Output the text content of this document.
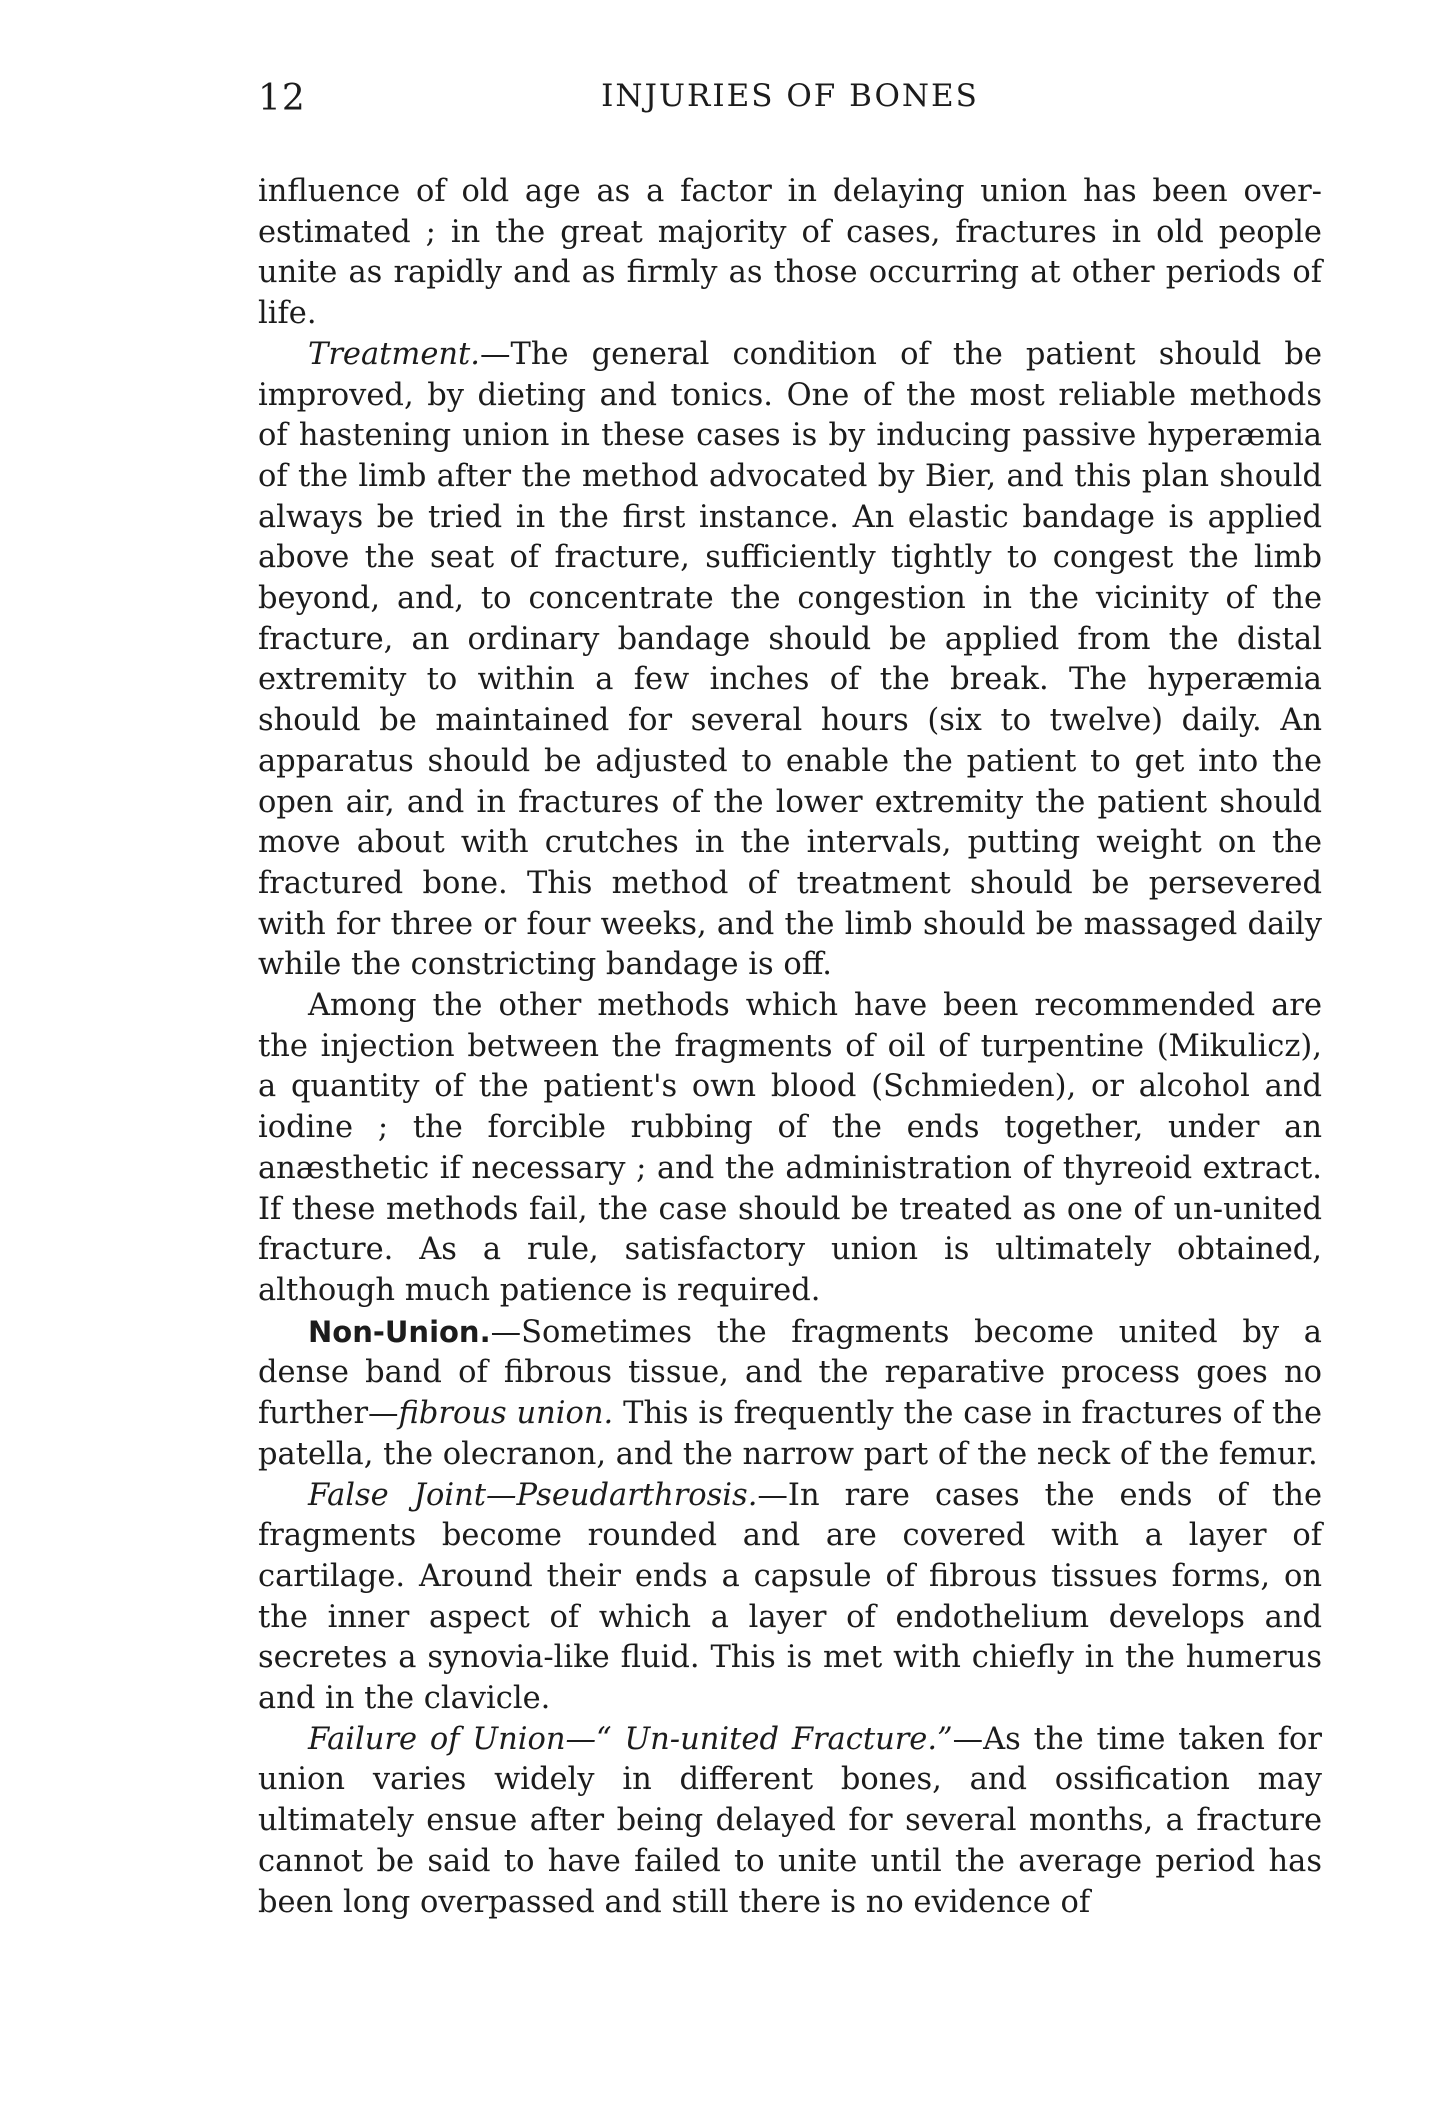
12	INJURIES OF BONES

influence of old age as a factor in delaying union has been over-estimated ; in the great majority of cases, fractures in old people unite as rapidly and as firmly as those occurring at other periods of life.

Treatment.—The general condition of the patient should be improved, by dieting and tonics. One of the most reliable methods of hastening union in these cases is by inducing passive hyperæmia of the limb after the method advocated by Bier, and this plan should always be tried in the first instance. An elastic bandage is applied above the seat of fracture, sufficiently tightly to congest the limb beyond, and, to concentrate the congestion in the vicinity of the fracture, an ordinary bandage should be applied from the distal extremity to within a few inches of the break. The hyperæmia should be maintained for several hours (six to twelve) daily. An apparatus should be adjusted to enable the patient to get into the open air, and in fractures of the lower extremity the patient should move about with crutches in the intervals, putting weight on the fractured bone. This method of treatment should be persevered with for three or four weeks, and the limb should be massaged daily while the constricting bandage is off.

Among the other methods which have been recommended are the injection between the fragments of oil of turpentine (Mikulicz), a quantity of the patient's own blood (Schmieden), or alcohol and iodine ; the forcible rubbing of the ends together, under an anæsthetic if necessary ; and the administration of thyreoid extract. If these methods fail, the case should be treated as one of un-united fracture. As a rule, satisfactory union is ultimately obtained, although much patience is required.

Non-Union.—Sometimes the fragments become united by a dense band of fibrous tissue, and the reparative process goes no further—fibrous union. This is frequently the case in fractures of the patella, the olecranon, and the narrow part of the neck of the femur.

False Joint—Pseudarthrosis.—In rare cases the ends of the fragments become rounded and are covered with a layer of cartilage. Around their ends a capsule of fibrous tissues forms, on the inner aspect of which a layer of endothelium develops and secretes a synovia-like fluid. This is met with chiefly in the humerus and in the clavicle.

Failure of Union—“ Un-united Fracture.”—As the time taken for union varies widely in different bones, and ossification may ultimately ensue after being delayed for several months, a fracture cannot be said to have failed to unite until the average period has been long overpassed and still there is no evidence of
